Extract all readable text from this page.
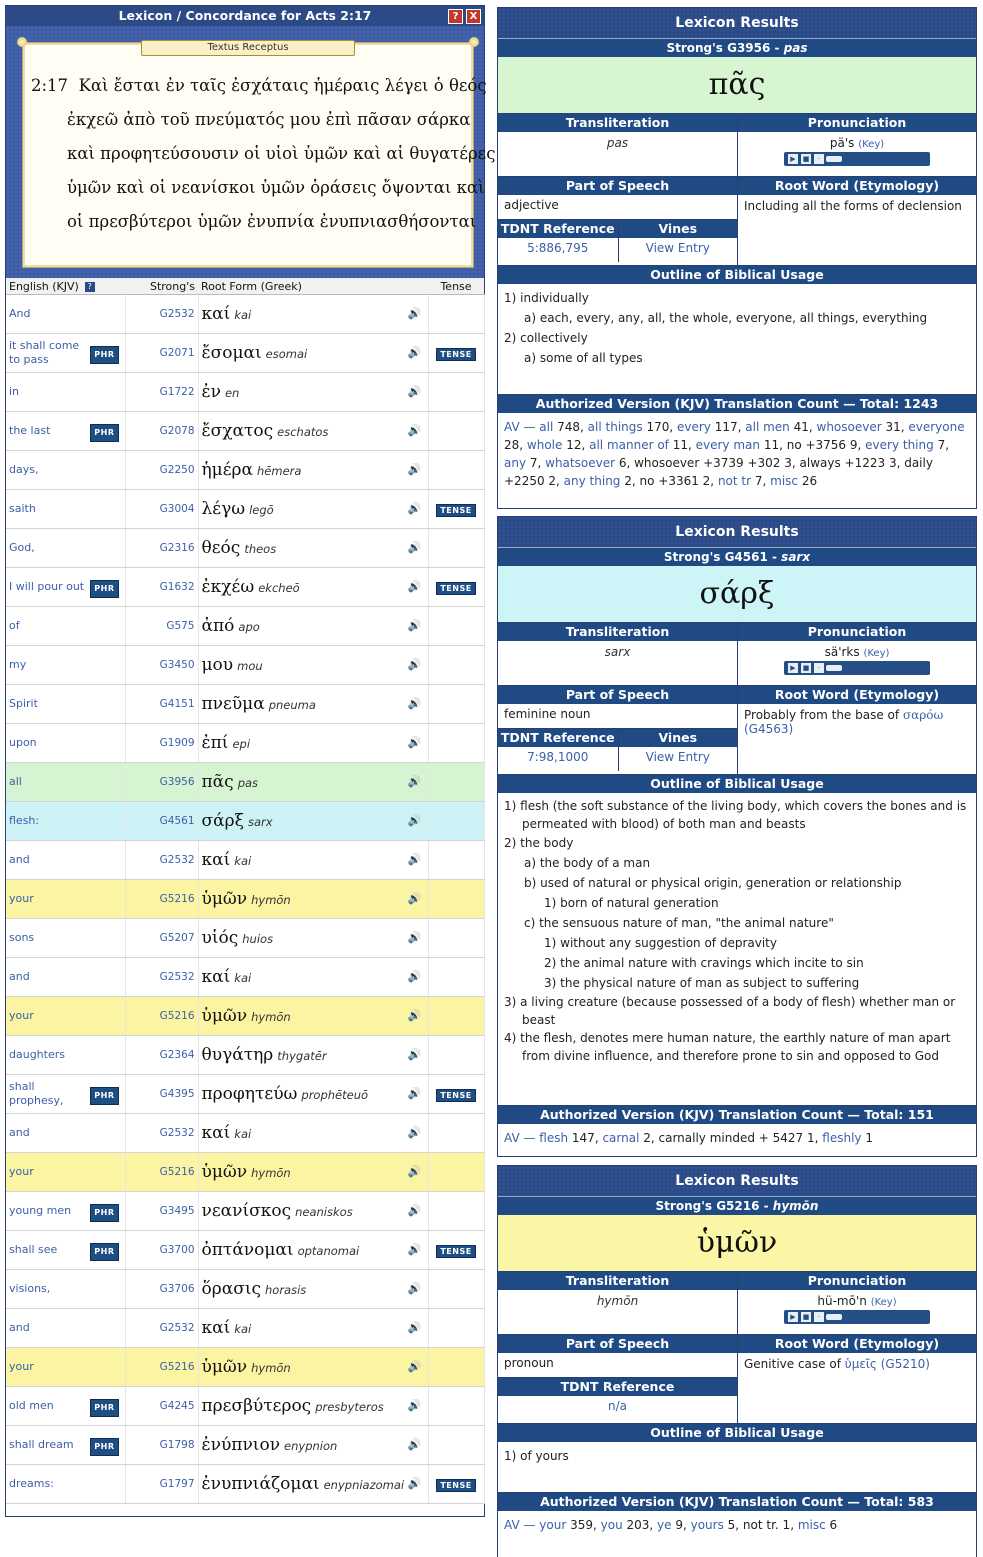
Lexicon / Concordance for Acts 2:17	?	X
Textus Receptus
2:17 Καὶ ἔσται ἐν ταῖς ἐσχάταις ἡμέραις λέγει ὁ θεός ἐκχεῶ ἀπὸ τοῦ πνεύματός μου ἐπὶ πᾶσαν σάρκα καὶ προφητεύσουσιν οἱ υἱοὶ ὑμῶν καὶ αἱ θυγατέρες ὑμῶν καὶ οἱ νεανίσκοι ὑμῶν ὁράσεις ὄψονται καὶ οἱ πρεσβύτεροι ὑμῶν ἐνυπνία ἐνυπνιασθήσονται
English (KJV) ?	Strong's	Root Form (Greek)	Tense
And	G2532	καί kai 🔊	

it shall come to pass PHR	G2071	ἔσομαι esomai 🔊	TENSE
in	G1722	ἐν en 🔊	

the last PHR	G2078	ἔσχατος eschatos 🔊	

days,	G2250	ἡμέρα hēmera 🔊	

saith	G3004	λέγω legō 🔊	TENSE
God,	G2316	θεός theos 🔊	

I will pour out PHR	G1632	ἐκχέω ekcheō 🔊	TENSE
of	G575	ἀπό apo 🔊	

my	G3450	μου mou 🔊	

Spirit	G4151	πνεῦμα pneuma 🔊	

upon	G1909	ἐπί epi 🔊	

all	G3956	πᾶς pas 🔊	

flesh:	G4561	σάρξ sarx 🔊	

and	G2532	καί kai 🔊	

your	G5216	ὑμῶν hymōn 🔊	

sons	G5207	υἱός huios 🔊	

and	G2532	καί kai 🔊	

your	G5216	ὑμῶν hymōn 🔊	

daughters	G2364	θυγάτηρ thygatēr 🔊	

shall prophesy, PHR	G4395	προφητεύω prophēteuō 🔊	TENSE
and	G2532	καί kai 🔊	

your	G5216	ὑμῶν hymōn 🔊	

young men PHR	G3495	νεανίσκος neaniskos 🔊	

shall see PHR	G3700	ὀπτάνομαι optanomai 🔊	TENSE
visions,	G3706	ὅρασις horasis 🔊	

and	G2532	καί kai 🔊	

your	G5216	ὑμῶν hymōn 🔊	

old men PHR	G4245	πρεσβύτερος presbyteros 🔊	

shall dream PHR	G1798	ἐνύπνιον enypnion 🔊	

dreams:	G1797	ἐνυπνιάζομαι enypniazomai 🔊	TENSE
Lexicon Results
Strong's G3956 - pas
πᾶς
Transliteration
pas
Part of Speech
adjective
TDNT Reference
5:886,795
Vines
View Entry
Pronunciation
pä's (Key)
▶	■	·
Root Word (Etymology)
Including all the forms of declension
Outline of Biblical Usage
1) individually
a) each, every, any, all, the whole, everyone, all things, everything
2) collectively
a) some of all types
Authorized Version (KJV) Translation Count — Total: 1243
AV — all 748, all things 170, every 117, all men 41, whosoever 31, everyone 28, whole 12, all manner of 11, every man 11, no +3756 9, every thing 7, any 7, whatsoever 6, whosoever +3739 +302 3, always +1223 3, daily +2250 2, any thing 2, no +3361 2, not tr 7, misc 26
Lexicon Results
Strong's G4561 - sarx
σάρξ
Transliteration
sarx
Part of Speech
feminine noun
TDNT Reference
7:98,1000
Vines
View Entry
Pronunciation
sä'rks (Key)
▶	■	·
Root Word (Etymology)
Probably from the base of σαρόω (G4563)
Outline of Biblical Usage
1) flesh (the soft substance of the living body, which covers the bones and is permeated with blood) of both man and beasts
2) the body
a) the body of a man
b) used of natural or physical origin, generation or relationship
1) born of natural generation
c) the sensuous nature of man, "the animal nature"
1) without any suggestion of depravity
2) the animal nature with cravings which incite to sin
3) the physical nature of man as subject to suffering
3) a living creature (because possessed of a body of flesh) whether man or beast
4) the flesh, denotes mere human nature, the earthly nature of man apart from divine influence, and therefore prone to sin and opposed to God
Authorized Version (KJV) Translation Count — Total: 151
AV — flesh 147, carnal 2, carnally minded + 5427 1, fleshly 1
Lexicon Results
Strong's G5216 - hymōn
ὑμῶν
Transliteration
hymōn
Part of Speech
pronoun
TDNT Reference
n/a
Pronunciation
hü-mō'n (Key)
▶	■	·
Root Word (Etymology)
Genitive case of ὑμεῖς (G5210)
Outline of Biblical Usage
1) of yours
Authorized Version (KJV) Translation Count — Total: 583
AV — your 359, you 203, ye 9, yours 5, not tr. 1, misc 6
